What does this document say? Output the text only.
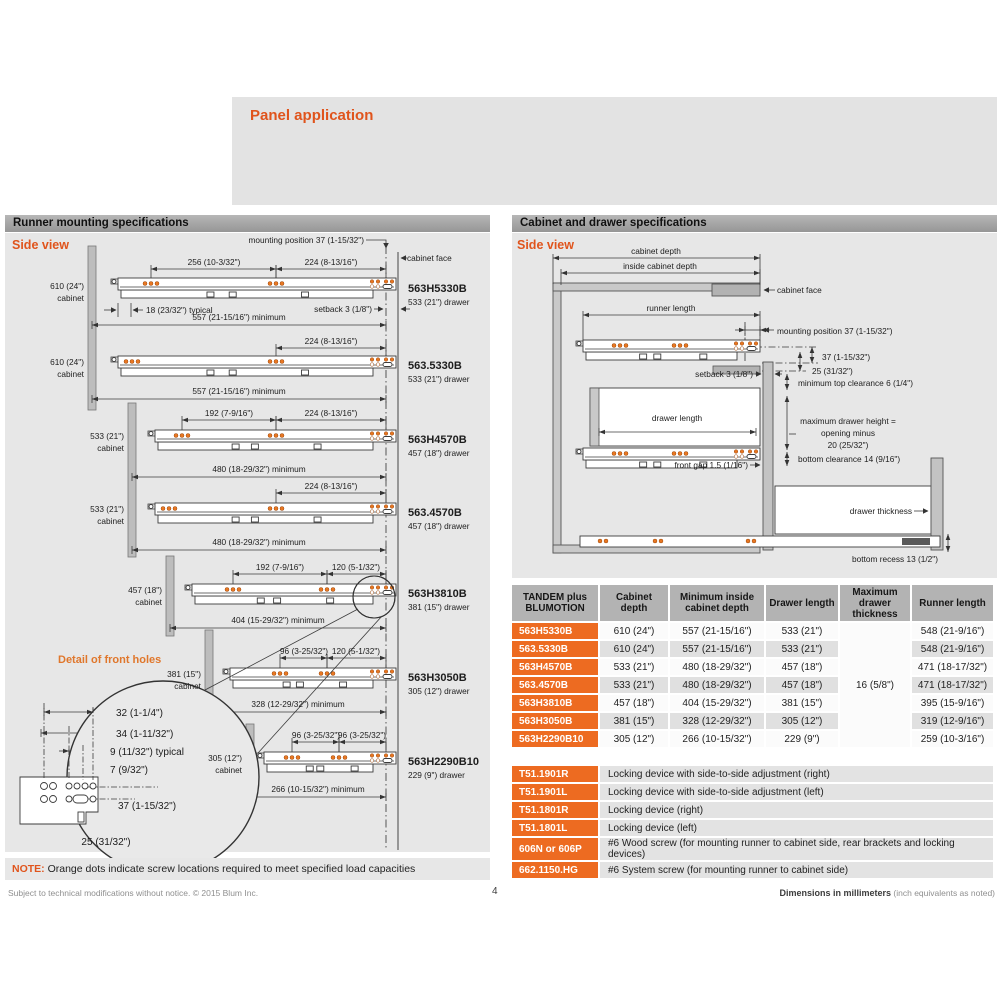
Panel application
Runner mounting specifications	Cabinet and drawer specifications
Side view	mounting position 37 (1-15/32")
cabinet face
256 (10-3/32")	224 (8-13/16")
610 (24")
cabinet
563H5330B
533 (21") drawer
18 (23/32") typical	setback 3 (1/8")
557 (21-15/16") minimum
224 (8-13/16")
610 (24")
cabinet
563.5330B
533 (21") drawer
557 (21-15/16") minimum
192 (7-9/16")	224 (8-13/16")
533 (21")
cabinet
563H4570B
457 (18") drawer
480 (18-29/32") minimum
224 (8-13/16")
533 (21")
cabinet
563.4570B
457 (18") drawer
480 (18-29/32") minimum
192 (7-9/16")	120 (5-1/32")
457 (18")
cabinet
563H3810B
381 (15") drawer
404 (15-29/32") minimum
96 (3-25/32") 120 (5-1/32")
381 (15")
cabinet
563H3050B
305 (12") drawer
328 (12-29/32") minimum
96 (3-25/32")
96 (3-25/32")
305 (12")
cabinet
563H2290B10
229 (9") drawer
266 (10-15/32") minimum
Detail of front holes
32 (1-1/4")
34 (1-11/32")
9 (11/32") typical
7 (9/32")
37 (1-15/32")
25 (31/32")
Side view	cabinet depth
inside cabinet depth
cabinet face
runner length
mounting position 37 (1-15/32")
37 (1-15/32")
25 (31/32")
setback 3 (1/8")
minimum top clearance 6 (1/4")
drawer length	maximum drawer height =
opening minus
20 (25/32")
bottom clearance 14 (9/16")
front gap 1.5 (1/16")
drawer thickness
bottom recess 13 (1/2")
NOTE: Orange dots indicate screw locations required to meet specified load capacities
TANDEM plus BLUMOTION	Cabinet depth	Minimum inside cabinet depth	Drawer length	Maximum drawer thickness	Runner length
563H5330B	610 (24")	557 (21-15/16")	533 (21")	16 (5/8")	548 (21-9/16")
563.5330B	610 (24")	557 (21-15/16")	533 (21")		548 (21-9/16")
563H4570B	533 (21")	480 (18-29/32")	457 (18")		471 (18-17/32")
563.4570B	533 (21")	480 (18-29/32")	457 (18")		471 (18-17/32")
563H3810B	457 (18")	404 (15-29/32")	381 (15")		395 (15-9/16")
563H3050B	381 (15")	328 (12-29/32")	305 (12")		319 (12-9/16")
563H2290B10	305 (12")	266 (10-15/32")	229 (9")		259 (10-3/16")
T51.1901R	Locking device with side-to-side adjustment (right)
T51.1901L	Locking device with side-to-side adjustment (left)
T51.1801R	Locking device (right)
T51.1801L	Locking device (left)
606N or 606P	#6 Wood screw (for mounting runner to cabinet side, rear brackets and locking devices)
662.1150.HG	#6 System screw (for mounting runner to cabinet side)
Subject to technical modifications without notice. © 2015 Blum Inc.	4	Dimensions in millimeters (inch equivalents as noted)
